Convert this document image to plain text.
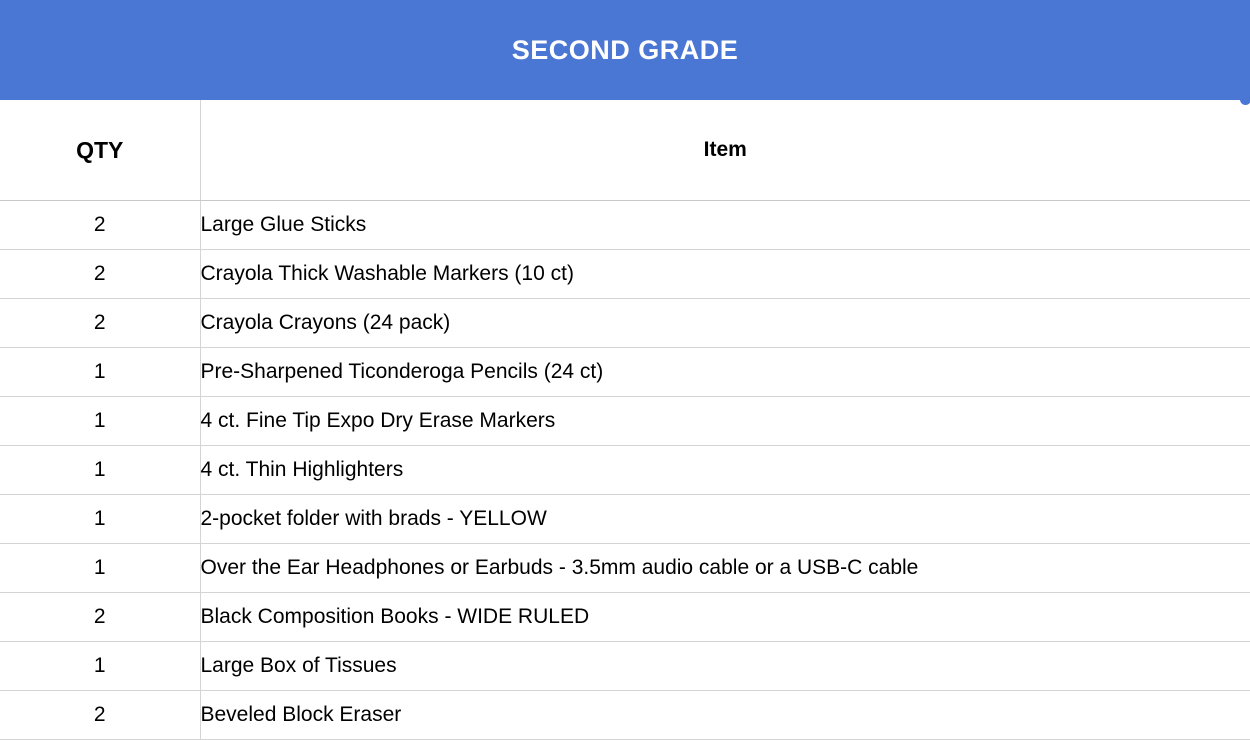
SECOND GRADE
QTY	Item
2	Large Glue Sticks
2	Crayola Thick Washable Markers (10 ct)
2	Crayola Crayons (24 pack)
1	Pre-Sharpened Ticonderoga Pencils (24 ct)
1	4 ct. Fine Tip Expo Dry Erase Markers
1	4 ct. Thin Highlighters
1	2-pocket folder with brads - YELLOW
1	Over the Ear Headphones or Earbuds - 3.5mm audio cable or a USB-C cable
2	Black Composition Books - WIDE RULED
1	Large Box of Tissues
2	Beveled Block Eraser
